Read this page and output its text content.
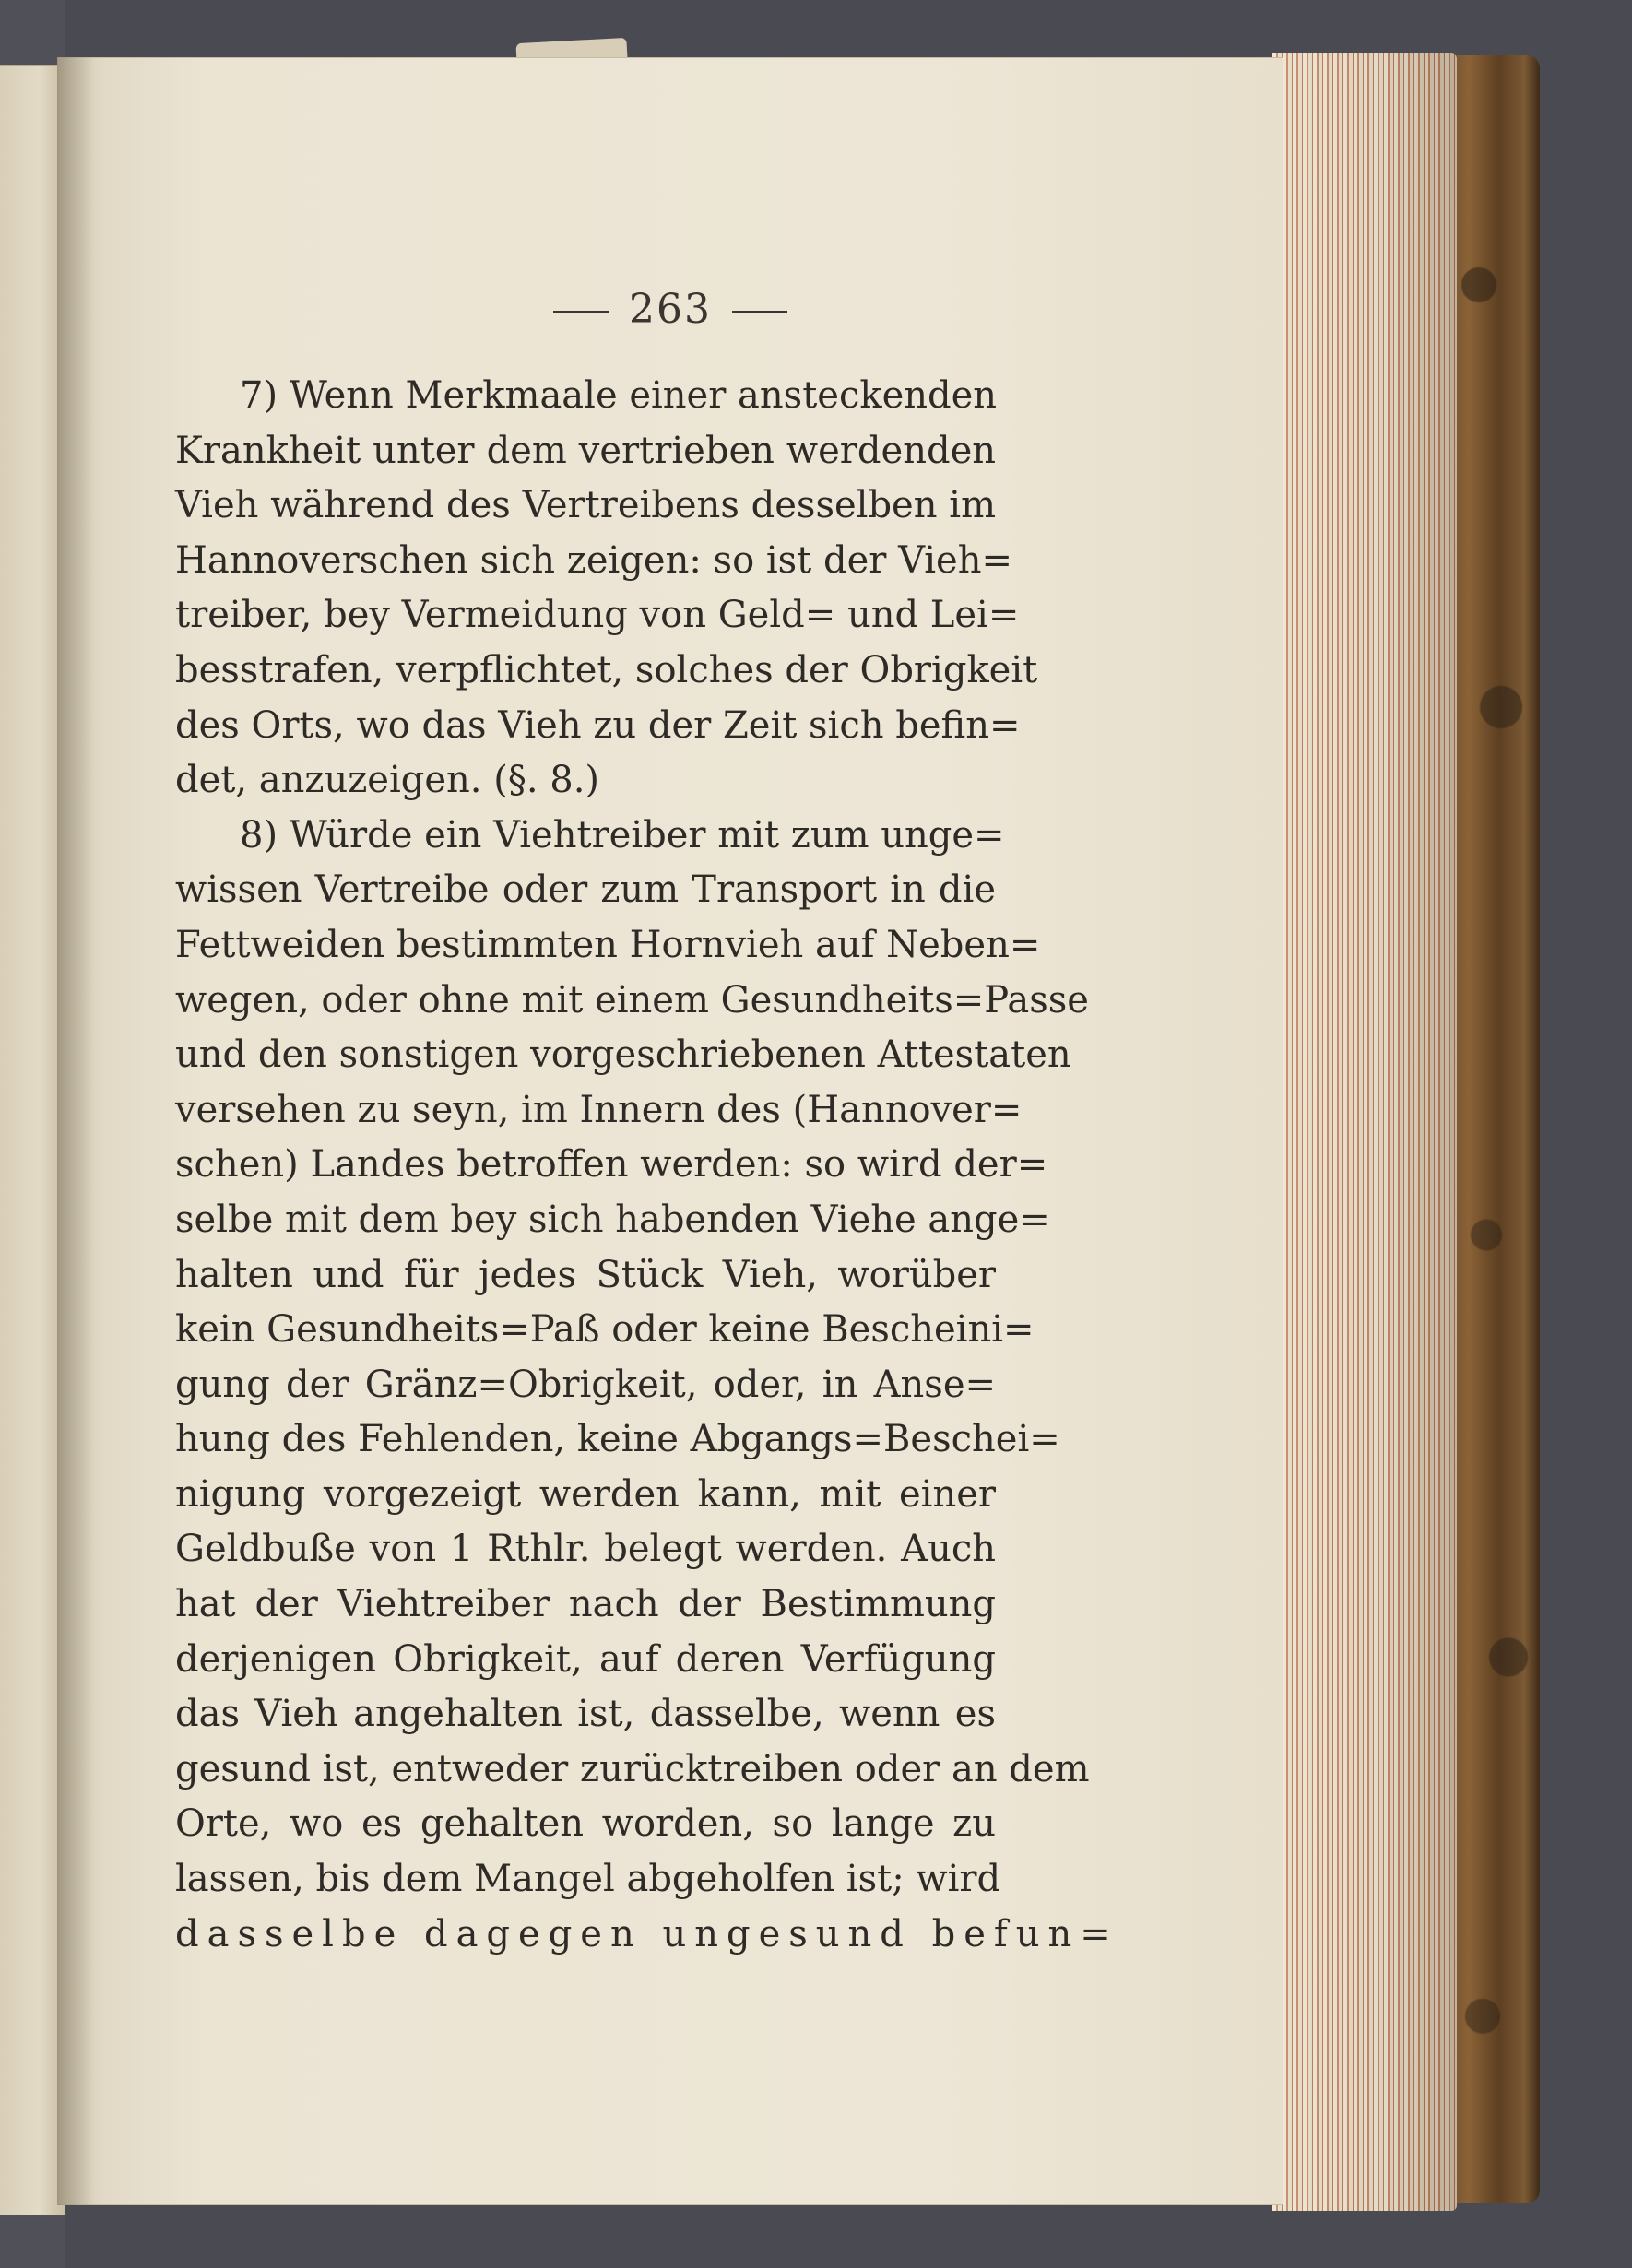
263
7) Wenn Merkmaale einer ansteckenden
Krankheit unter dem vertrieben werdenden
Vieh während des Vertreibens desselben im
Hannoverschen sich zeigen: so ist der Vieh=
treiber, bey Vermeidung von Geld= und Lei=
besstrafen, verpflichtet, solches der Obrigkeit
des Orts, wo das Vieh zu der Zeit sich befin=
det, anzuzeigen. (§. 8.)
8) Würde ein Viehtreiber mit zum unge=
wissen Vertreibe oder zum Transport in die
Fettweiden bestimmten Hornvieh auf Neben=
wegen, oder ohne mit einem Gesundheits=Passe
und den sonstigen vorgeschriebenen Attestaten
versehen zu seyn, im Innern des (Hannover=
schen) Landes betroffen werden: so wird der=
selbe mit dem bey sich habenden Viehe ange=
halten und für jedes Stück Vieh, worüber
kein Gesundheits=Paß oder keine Bescheini=
gung der Gränz=Obrigkeit, oder, in Anse=
hung des Fehlenden, keine Abgangs=Beschei=
nigung vorgezeigt werden kann, mit einer
Geldbuße von 1 Rthlr. belegt werden. Auch
hat der Viehtreiber nach der Bestimmung
derjenigen Obrigkeit, auf deren Verfügung
das Vieh angehalten ist, dasselbe, wenn es
gesund ist, entweder zurücktreiben oder an dem
Orte, wo es gehalten worden, so lange zu
lassen, bis dem Mangel abgeholfen ist; wird
dasselbe dagegen ungesund befun=
